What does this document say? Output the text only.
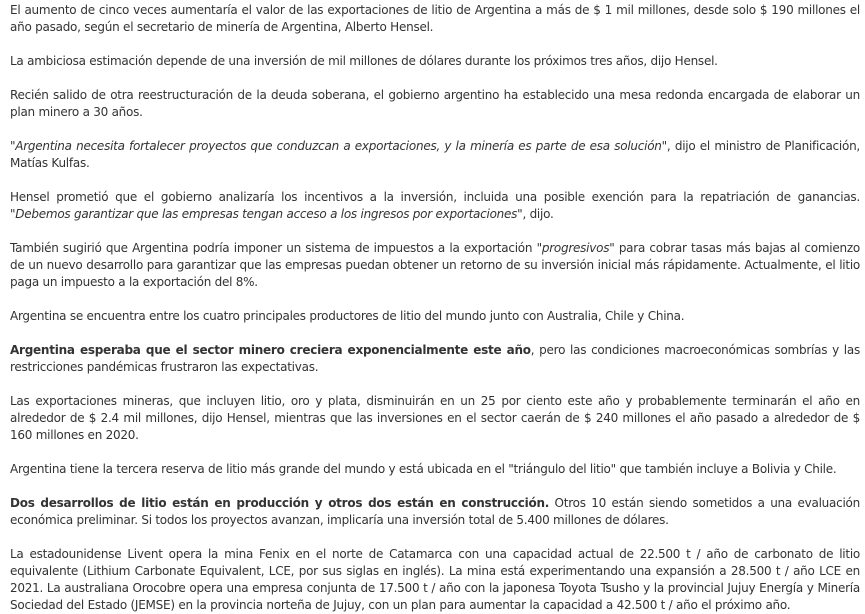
El aumento de cinco veces aumentaría el valor de las exportaciones de litio de Argentina a más de $ 1 mil millones, desde solo $ 190 millones el año pasado, según el secretario de minería de Argentina, Alberto Hensel.

La ambiciosa estimación depende de una inversión de mil millones de dólares durante los próximos tres años, dijo Hensel.

Recién salido de otra reestructuración de la deuda soberana, el gobierno argentino ha establecido una mesa redonda encargada de elaborar un plan minero a 30 años.

"Argentina necesita fortalecer proyectos que conduzcan a exportaciones, y la minería es parte de esa solución", dijo el ministro de Planificación, Matías Kulfas.

Hensel prometió que el gobierno analizaría los incentivos a la inversión, incluida una posible exención para la repatriación de ganancias. "Debemos garantizar que las empresas tengan acceso a los ingresos por exportaciones", dijo.

También sugirió que Argentina podría imponer un sistema de impuestos a la exportación "progresivos" para cobrar tasas más bajas al comienzo de un nuevo desarrollo para garantizar que las empresas puedan obtener un retorno de su inversión inicial más rápidamente. Actualmente, el litio paga un impuesto a la exportación del 8%.

Argentina se encuentra entre los cuatro principales productores de litio del mundo junto con Australia, Chile y China.

Argentina esperaba que el sector minero creciera exponencialmente este año, pero las condiciones macroeconómicas sombrías y las restricciones pandémicas frustraron las expectativas.

Las exportaciones mineras, que incluyen litio, oro y plata, disminuirán en un 25 por ciento este año y probablemente terminarán el año en alrededor de $ 2.4 mil millones, dijo Hensel, mientras que las inversiones en el sector caerán de $ 240 millones el año pasado a alrededor de $ 160 millones en 2020.

Argentina tiene la tercera reserva de litio más grande del mundo y está ubicada en el "triángulo del litio" que también incluye a Bolivia y Chile.

Dos desarrollos de litio están en producción y otros dos están en construcción. Otros 10 están siendo sometidos a una evaluación económica preliminar. Si todos los proyectos avanzan, implicaría una inversión total de 5.400 millones de dólares.

La estadounidense Livent opera la mina Fenix en el norte de Catamarca con una capacidad actual de 22.500 t / año de carbonato de litio equivalente (Lithium Carbonate Equivalent, LCE, por sus siglas en inglés). La mina está experimentando una expansión a 28.500 t / año LCE en 2021. La australiana Orocobre opera una empresa conjunta de 17.500 t / año con la japonesa Toyota Tsusho y la provincial Jujuy Energía y Minería Sociedad del Estado (JEMSE) en la provincia norteña de Jujuy, con un plan para aumentar la capacidad a 42.500 t / año el próximo año.
